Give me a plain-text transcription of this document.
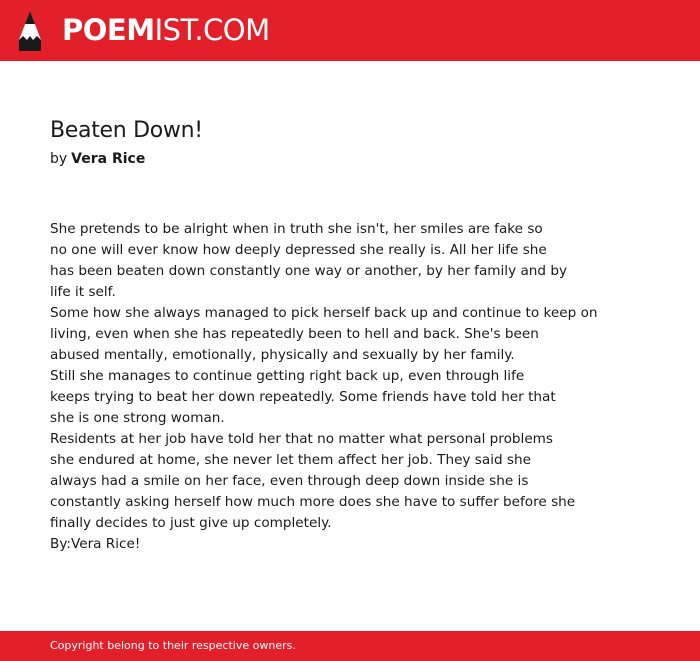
POEMIST.COM
Beaten Down!
by Vera Rice
She pretends to be alright when in truth she isn't, her smiles are fake so
no one will ever know how deeply depressed she really is. All her life she
has been beaten down constantly one way or another, by her family and by
life it self.
Some how she always managed to pick herself back up and continue to keep on
living, even when she has repeatedly been to hell and back. She's been
abused mentally, emotionally, physically and sexually by her family.
Still she manages to continue getting right back up, even through life
keeps trying to beat her down repeatedly. Some friends have told her that
she is one strong woman.
Residents at her job have told her that no matter what personal problems
she endured at home, she never let them affect her job. They said she
always had a smile on her face, even through deep down inside she is
constantly asking herself how much more does she have to suffer before she
finally decides to just give up completely.
By:Vera Rice!
Copyright belong to their respective owners.
